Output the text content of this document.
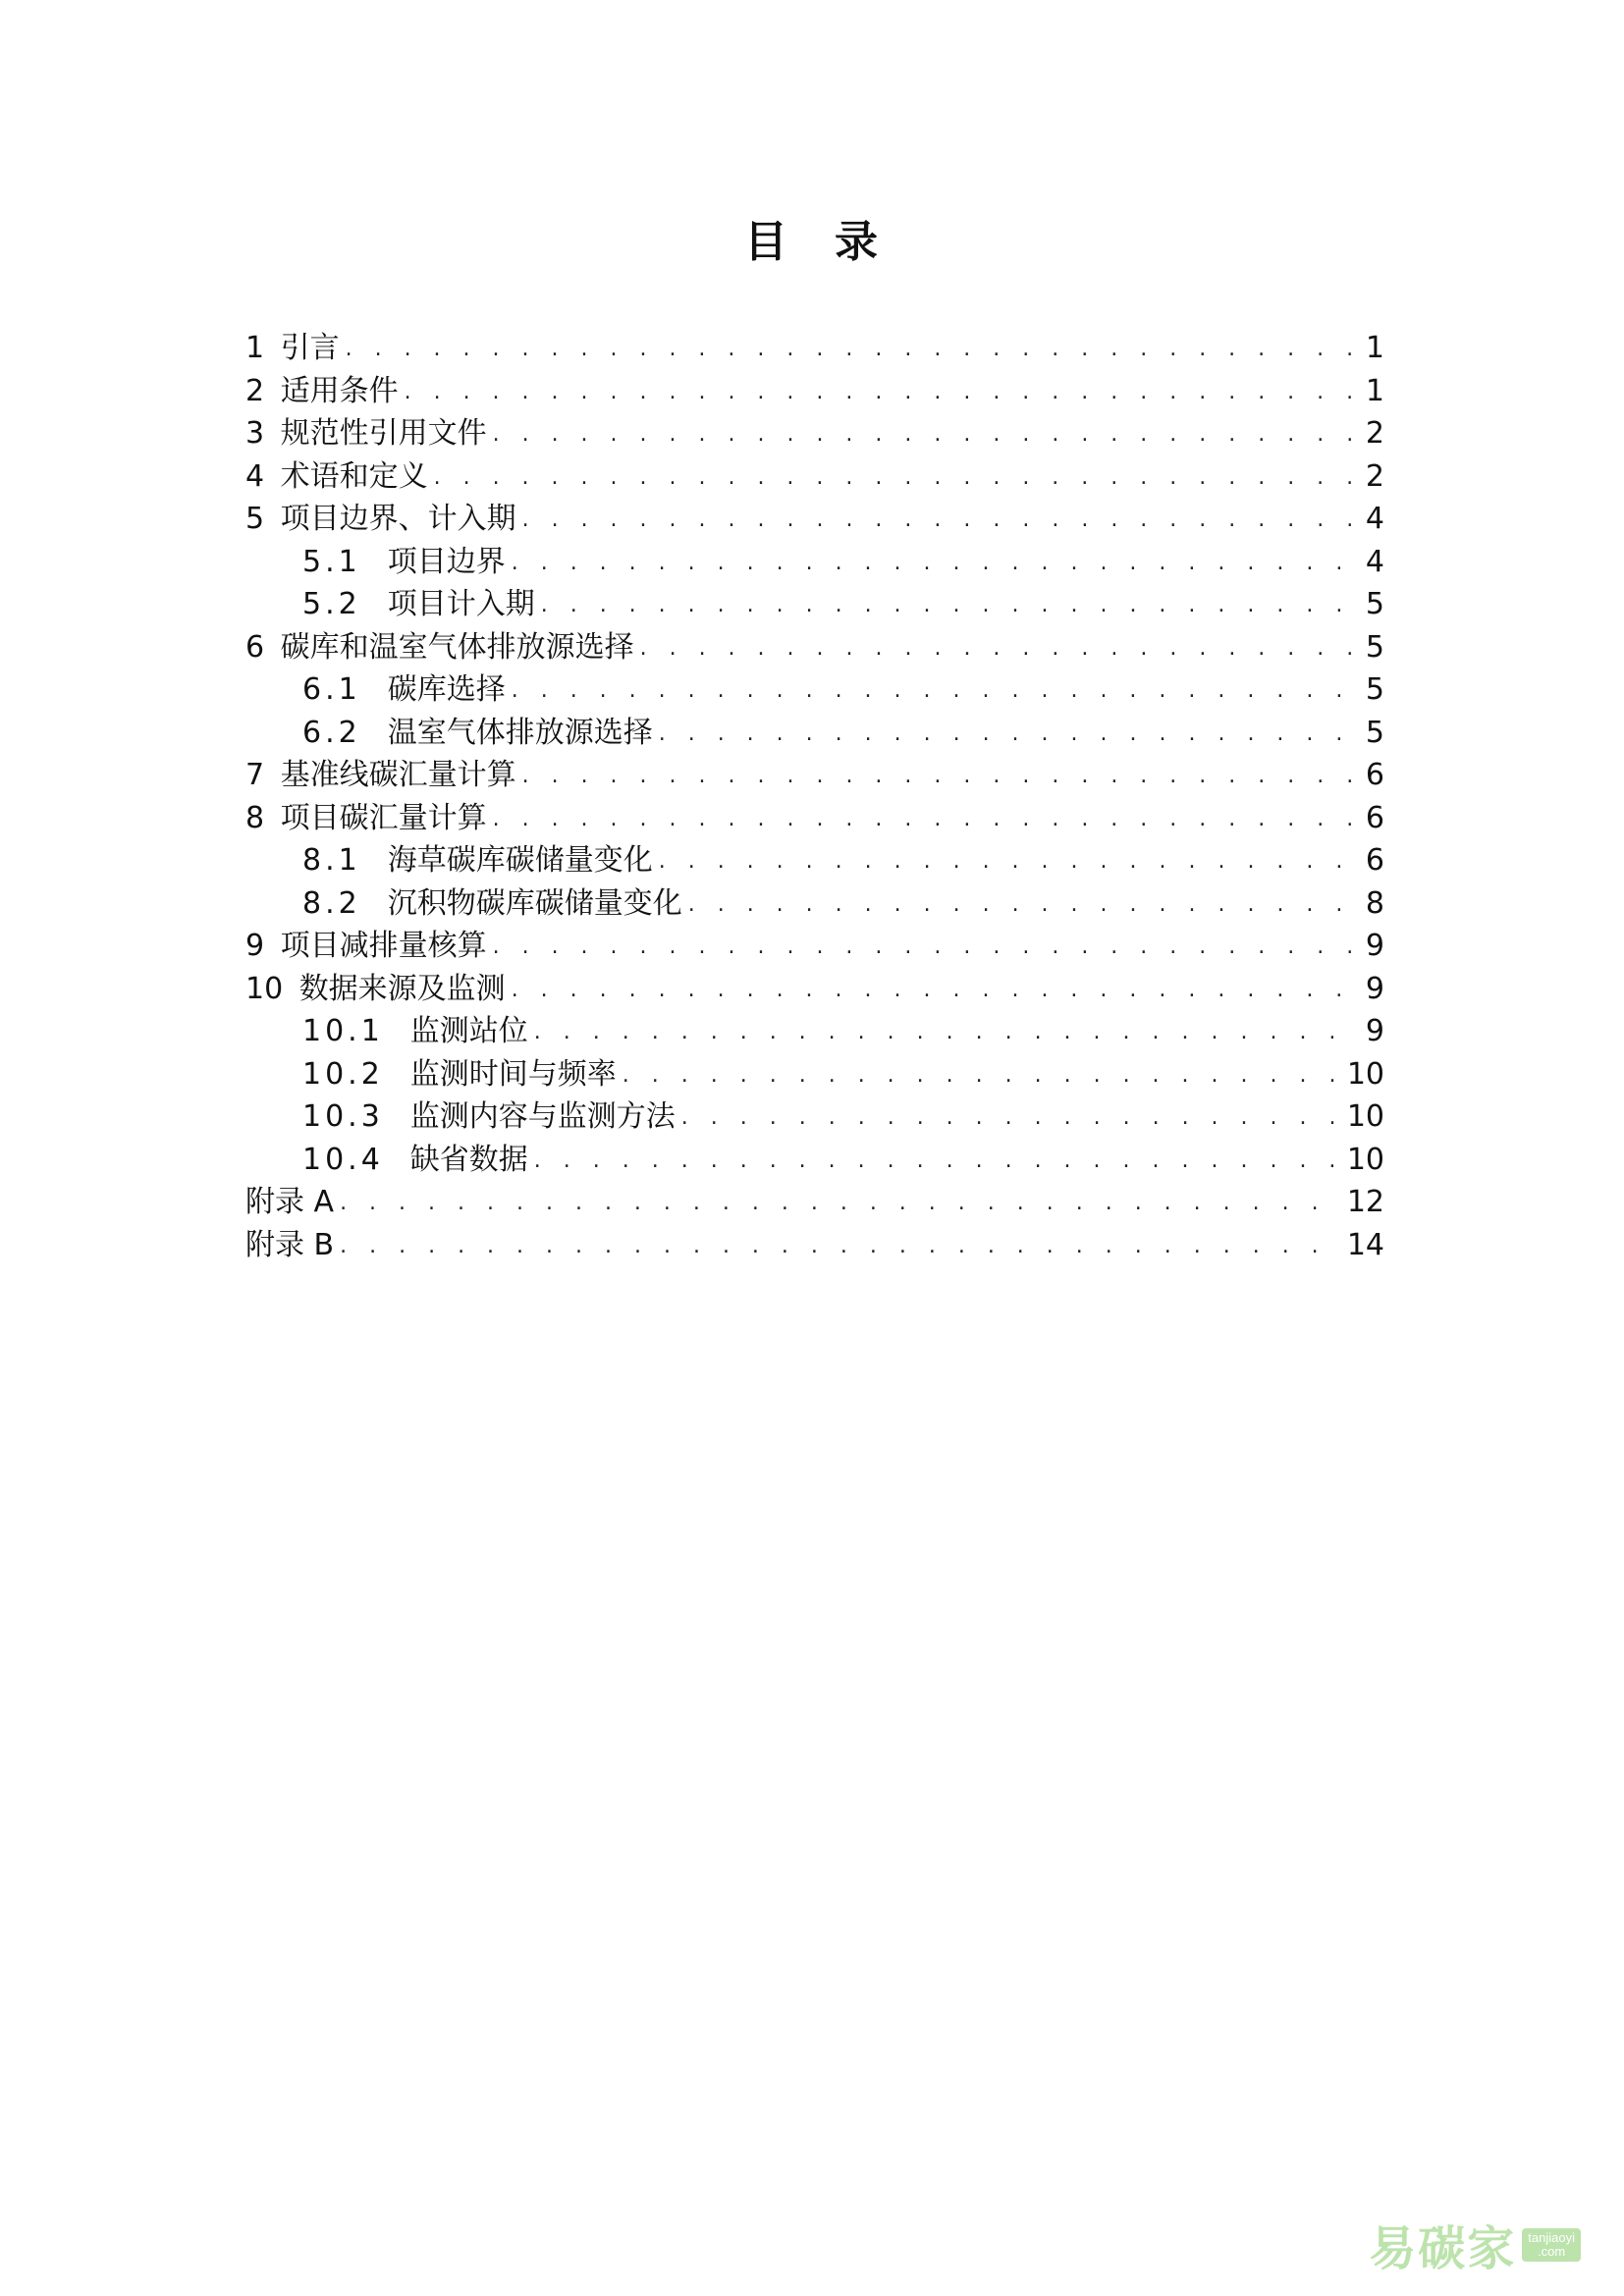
目　录
1 引言 . . .	1
2 适用条件 . . .	1
3 规范性引用文件 . . .	2
4 术语和定义 . . .	2
5 项目边界、计入期 . . .	4
5.1 项目边界 . . .	4
5.2 项目计入期 . . .	5
6 碳库和温室气体排放源选择 . . .	5
6.1 碳库选择 . . .	5
6.2 温室气体排放源选择 . . .	5
7 基准线碳汇量计算 . . .	6
8 项目碳汇量计算 . . .	6
8.1 海草碳库碳储量变化 . . .	6
8.2 沉积物碳库碳储量变化 . . .	8
9 项目减排量核算 . . .	9
10 数据来源及监测 . . .	9
10.1 监测站位 . . .	9
10.2 监测时间与频率 . . .	10
10.3 监测内容与监测方法 . . .	10
10.4 缺省数据 . . .	10
附录 A . . .	12
附录 B . . .	14
易碳家 tanjiaoyi
.com
